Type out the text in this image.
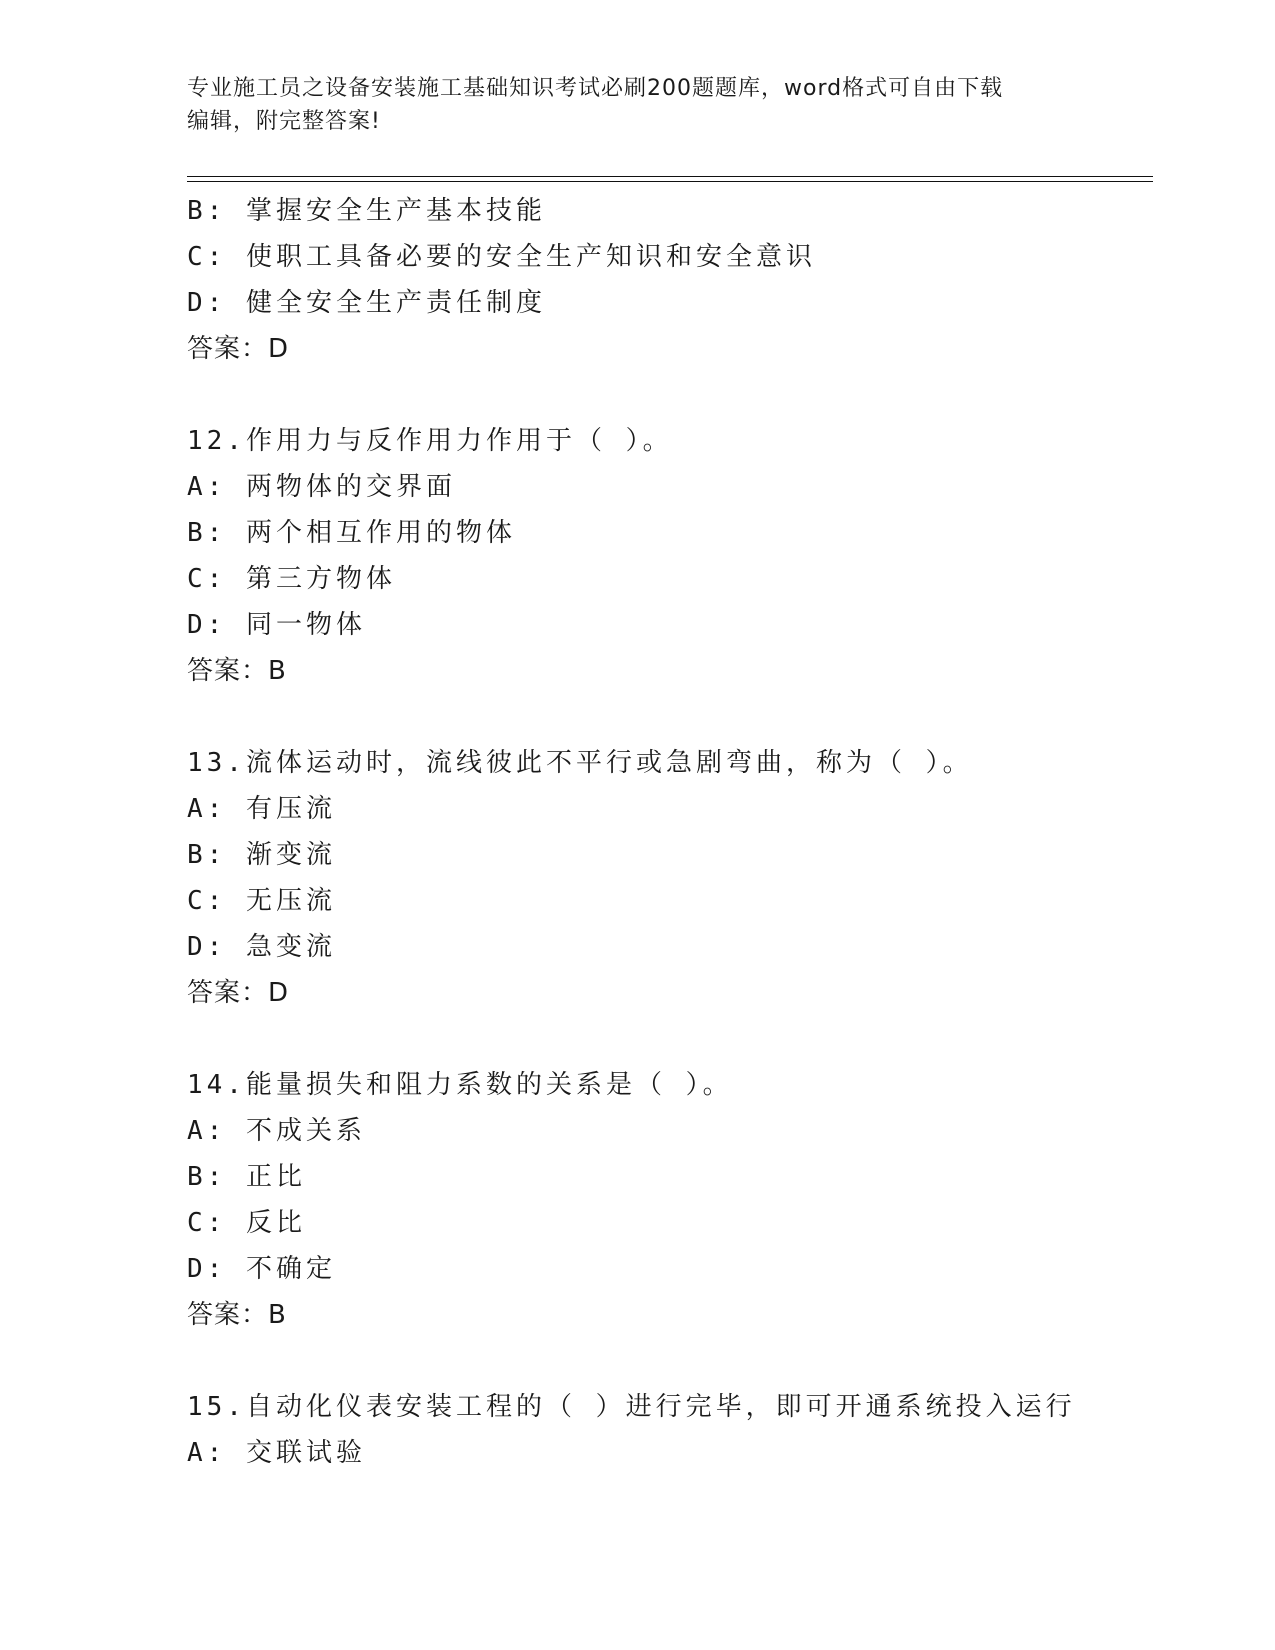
专业施工员之设备安装施工基础知识考试必刷200题题库，word格式可自由下载
编辑，附完整答案!
B: 掌握安全生产基本技能
C: 使职工具备必要的安全生产知识和安全意识
D: 健全安全生产责任制度
答案：D
12.作用力与反作用力作用于（ ）。
A: 两物体的交界面
B: 两个相互作用的物体
C: 第三方物体
D: 同一物体
答案：B
13.流体运动时，流线彼此不平行或急剧弯曲，称为（ ）。
A: 有压流
B: 渐变流
C: 无压流
D: 急变流
答案：D
14.能量损失和阻力系数的关系是（ ）。
A: 不成关系
B: 正比
C: 反比
D: 不确定
答案：B
15.自动化仪表安装工程的（ ）进行完毕，即可开通系统投入运行
A: 交联试验
